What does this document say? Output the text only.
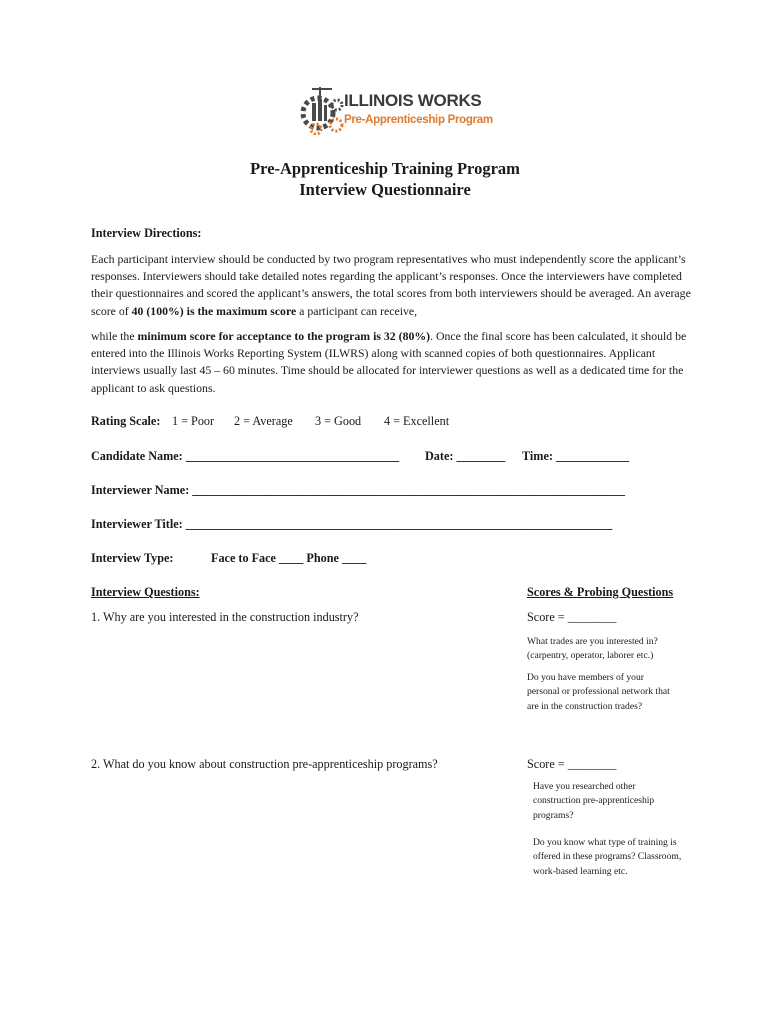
ILLINOIS WORKS
Pre-Apprenticeship Program
Pre-Apprenticeship Training Program
Interview Questionnaire
Interview Directions:
Each participant interview should be conducted by two program representatives who must independently score the applicant’s responses. Interviewers should take detailed notes regarding the applicant’s responses. Once the interviewers have completed their questionnaires and scored the applicant’s answers, the total scores from both interviewers should be averaged. An average score of 40 (100%) is the maximum score a participant can receive,
while the minimum score for acceptance to the program is 32 (80%). Once the final score has been calculated, it should be entered into the Illinois Works Reporting System (ILWRS) along with scanned copies of both questionnaires. Applicant interviews usually last 45 – 60 minutes. Time should be allocated for interviewer questions as well as a dedicated time for the applicant to ask questions.
Rating Scale: 1 = Poor 2 = Average 3 = Good 4 = Excellent
Candidate Name: ___________________________________ Date: ________ Time: ____________
Interviewer Name: _______________________________________________________________________
Interviewer Title: ______________________________________________________________________
Interview Type:	Face to Face ____ Phone ____
Interview Questions:	Scores & Probing Questions
1. Why are you interested in the construction industry?	Score = ________
What trades are you interested in? (carpentry, operator, laborer etc.)
Do you have members of your personal or professional network that are in the construction trades?
2. What do you know about construction pre-apprenticeship programs?	Score = ________
Have you researched other construction pre-apprenticeship programs?
Do you know what type of training is offered in these programs? Classroom, work-based learning etc.
